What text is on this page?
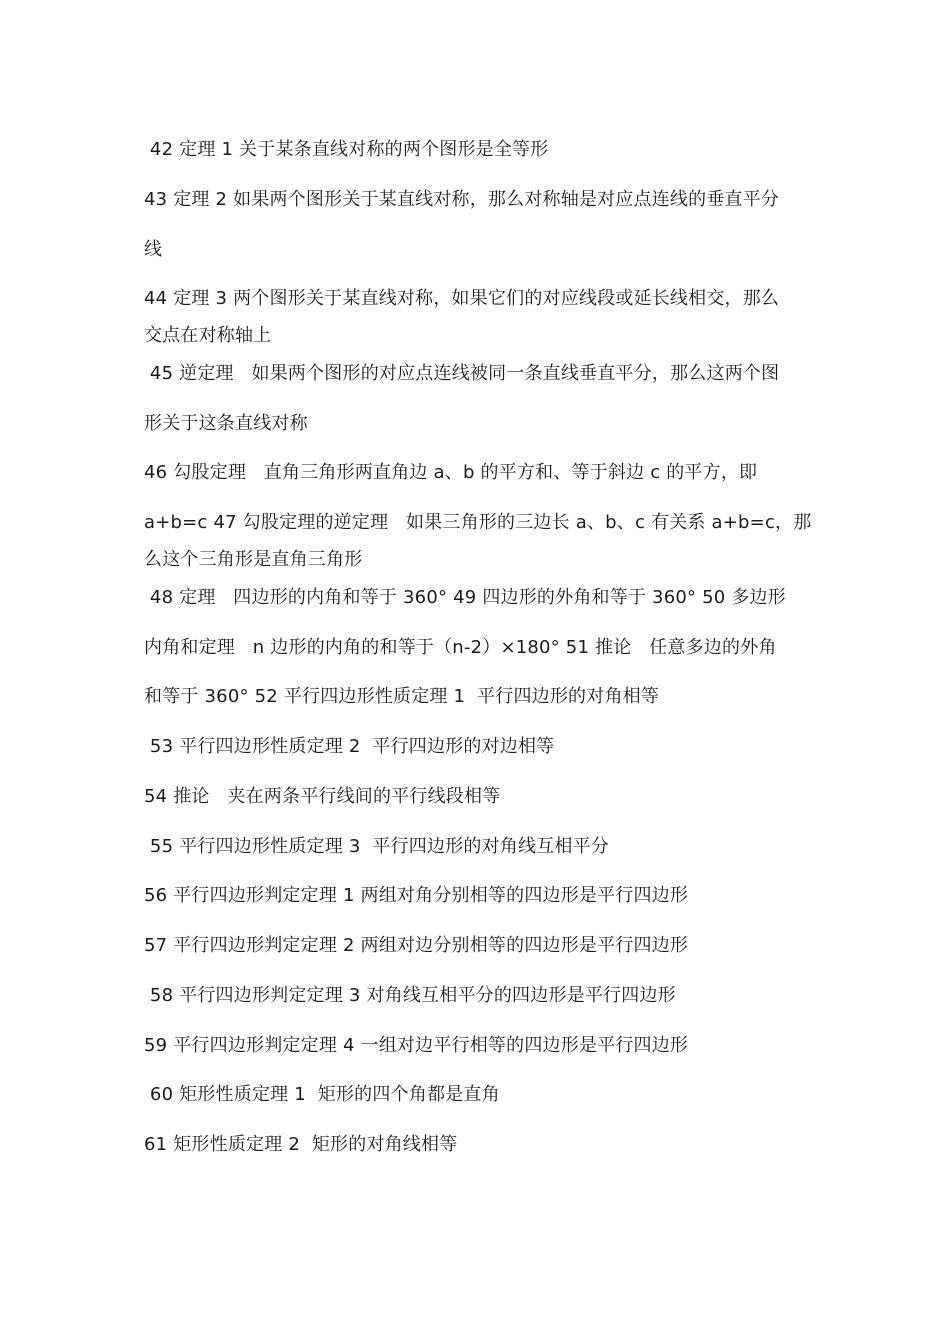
42 定理 1 关于某条直线对称的两个图形是全等形
43 定理 2 如果两个图形关于某直线对称，那么对称轴是对应点连线的垂直平分
线
44 定理 3 两个图形关于某直线对称，如果它们的对应线段或延长线相交，那么
交点在对称轴上
45 逆定理   如果两个图形的对应点连线被同一条直线垂直平分，那么这两个图
形关于这条直线对称
46 勾股定理   直角三角形两直角边 a、b 的平方和、等于斜边 c 的平方，即
a+b=c 47 勾股定理的逆定理   如果三角形的三边长 a、b、c 有关系 a+b=c，那
么这个三角形是直角三角形
48 定理   四边形的内角和等于 360° 49 四边形的外角和等于 360° 50 多边形
内角和定理   n 边形的内角的和等于（n-2）×180° 51 推论   任意多边的外角
和等于 360° 52 平行四边形性质定理 1  平行四边形的对角相等
53 平行四边形性质定理 2  平行四边形的对边相等
54 推论   夹在两条平行线间的平行线段相等
55 平行四边形性质定理 3  平行四边形的对角线互相平分
56 平行四边形判定定理 1 两组对角分别相等的四边形是平行四边形
57 平行四边形判定定理 2 两组对边分别相等的四边形是平行四边形
58 平行四边形判定定理 3 对角线互相平分的四边形是平行四边形
59 平行四边形判定定理 4 一组对边平行相等的四边形是平行四边形
60 矩形性质定理 1  矩形的四个角都是直角
61 矩形性质定理 2  矩形的对角线相等
